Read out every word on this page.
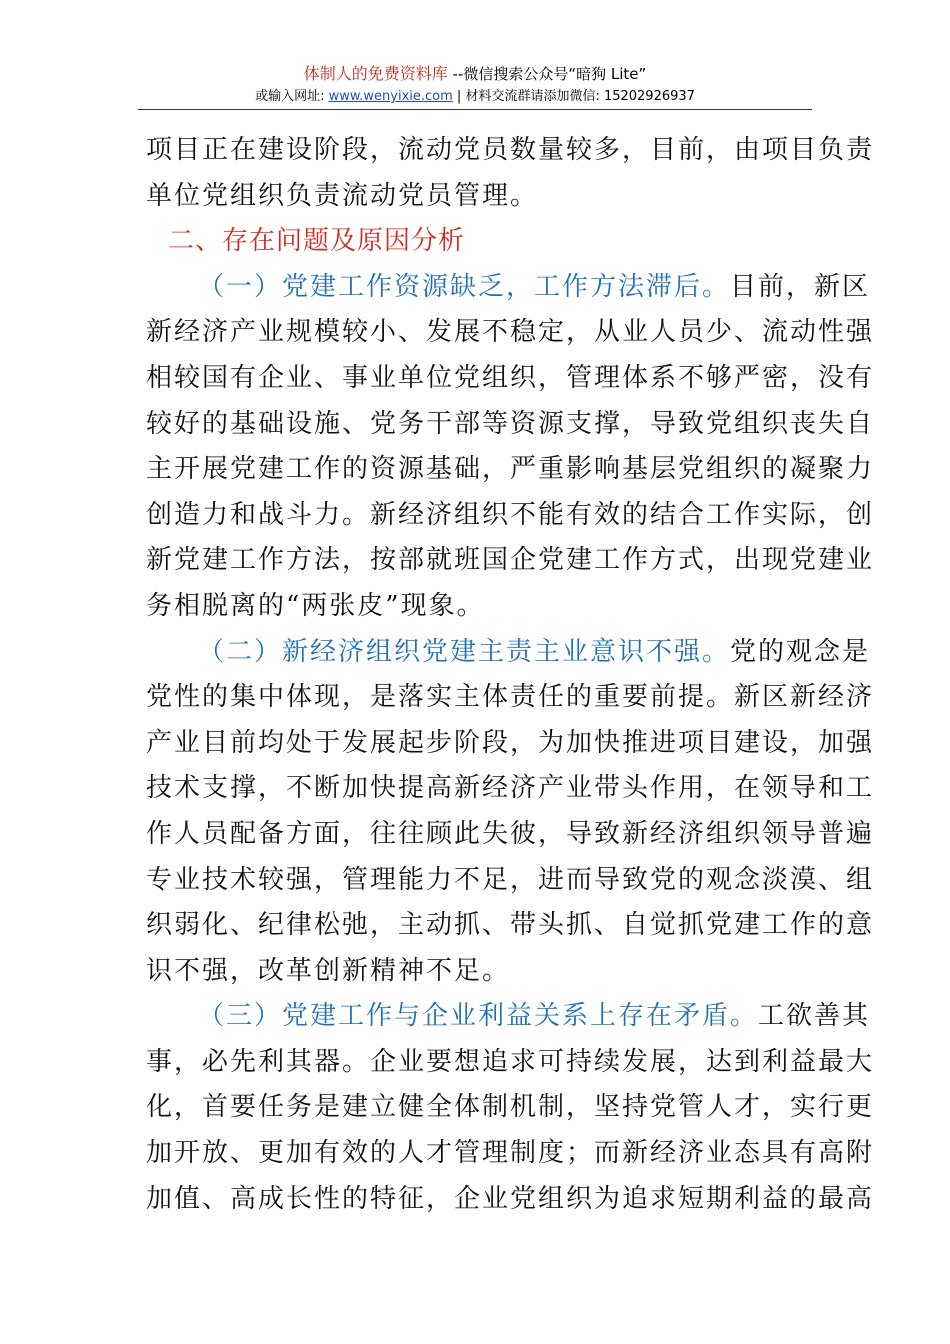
体制人的免费资料库 --微信搜索公众号“暗狗 Lite”
或输入网址: www.wenyixie.com | 材料交流群请添加微信: 15202926937
项目正在建设阶段，流动党员数量较多，目前，由项目负责
单位党组织负责流动党员管理。
二、存在问题及原因分析
（一）党建工作资源缺乏，工作方法滞后。目前，新区
新经济产业规模较小、发展不稳定，从业人员少、流动性强
相较国有企业、事业单位党组织，管理体系不够严密，没有
较好的基础设施、党务干部等资源支撑，导致党组织丧失自
主开展党建工作的资源基础，严重影响基层党组织的凝聚力
创造力和战斗力。新经济组织不能有效的结合工作实际，创
新党建工作方法，按部就班国企党建工作方式，出现党建业
务相脱离的“两张皮”现象。
（二）新经济组织党建主责主业意识不强。党的观念是
党性的集中体现，是落实主体责任的重要前提。新区新经济
产业目前均处于发展起步阶段，为加快推进项目建设，加强
技术支撑，不断加快提高新经济产业带头作用，在领导和工
作人员配备方面，往往顾此失彼，导致新经济组织领导普遍
专业技术较强，管理能力不足，进而导致党的观念淡漠、组
织弱化、纪律松弛，主动抓、带头抓、自觉抓党建工作的意
识不强，改革创新精神不足。
（三）党建工作与企业利益关系上存在矛盾。工欲善其
事，必先利其器。企业要想追求可持续发展，达到利益最大
化，首要任务是建立健全体制机制，坚持党管人才，实行更
加开放、更加有效的人才管理制度；而新经济业态具有高附
加值、高成长性的特征，企业党组织为追求短期利益的最高
